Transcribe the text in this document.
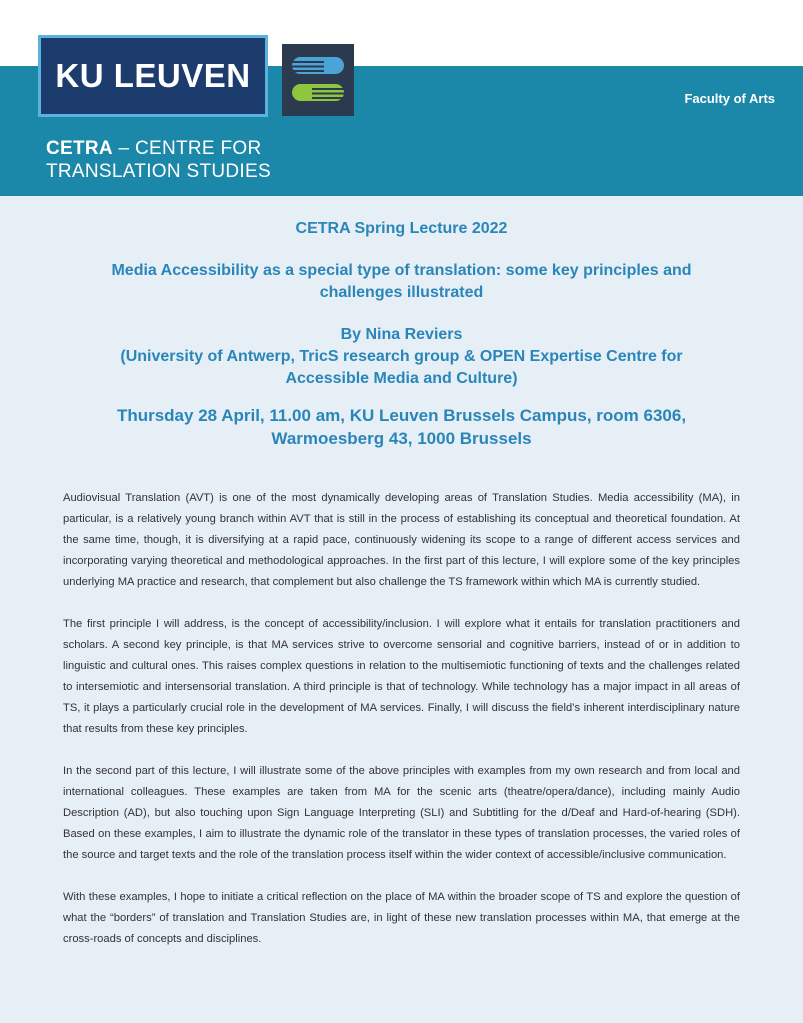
KU LEUVEN
Faculty of Arts
CETRA – CENTRE FOR
TRANSLATION STUDIES
CETRA Spring Lecture 2022
Media Accessibility as a special type of translation: some key principles and
challenges illustrated
By Nina Reviers
(University of Antwerp, TricS research group & OPEN Expertise Centre for
Accessible Media and Culture)
Thursday 28 April, 11.00 am, KU Leuven Brussels Campus, room 6306,
Warmoesberg 43, 1000 Brussels

Audiovisual Translation (AVT) is one of the most dynamically developing areas of Translation Studies. Media accessibility (MA), in particular, is a relatively young branch within AVT that is still in the process of establishing its conceptual and theoretical foundation. At the same time, though, it is diversifying at a rapid pace, continuously widening its scope to a range of different access services and incorporating varying theoretical and methodological approaches. In the first part of this lecture, I will explore some of the key principles underlying MA practice and research, that complement but also challenge the TS framework within which MA is currently studied.

The first principle I will address, is the concept of accessibility/inclusion. I will explore what it entails for translation practitioners and scholars. A second key principle, is that MA services strive to overcome sensorial and cognitive barriers, instead of or in addition to linguistic and cultural ones. This raises complex questions in relation to the multisemiotic functioning of texts and the challenges related to intersemiotic and intersensorial translation. A third principle is that of technology. While technology has a major impact in all areas of TS, it plays a particularly crucial role in the development of MA services. Finally, I will discuss the field’s inherent interdisciplinary nature that results from these key principles.

In the second part of this lecture, I will illustrate some of the above principles with examples from my own research and from local and international colleagues. These examples are taken from MA for the scenic arts (theatre/opera/dance), including mainly Audio Description (AD), but also touching upon Sign Language Interpreting (SLI) and Subtitling for the d/Deaf and Hard-of-hearing (SDH). Based on these examples, I aim to illustrate the dynamic role of the translator in these types of translation processes, the varied roles of the source and target texts and the role of the translation process itself within the wider context of accessible/inclusive communication.

With these examples, I hope to initiate a critical reflection on the place of MA within the broader scope of TS and explore the question of what the “borders” of translation and Translation Studies are, in light of these new translation processes within MA, that emerge at the cross-roads of concepts and disciplines.
